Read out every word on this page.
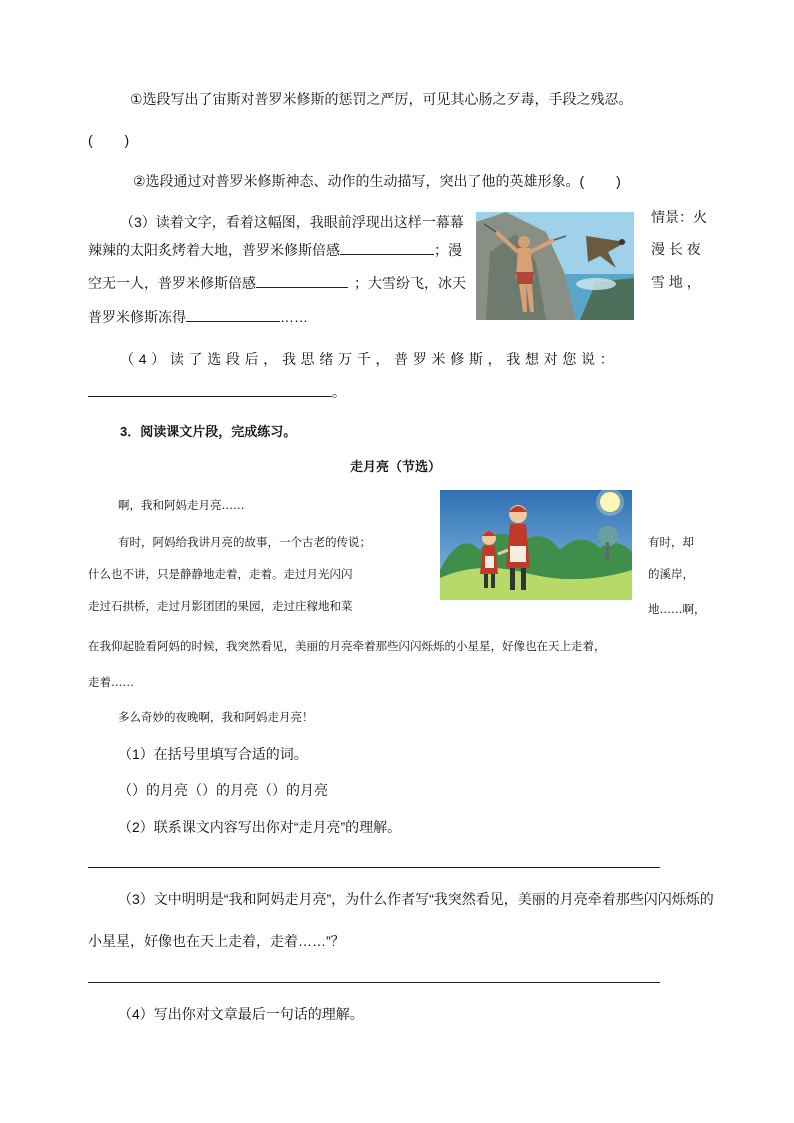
①选段写出了宙斯对普罗米修斯的惩罚之严厉，可见其心肠之歹毒，手段之残忍。
(　　 )
②选段通过对普罗米修斯神态、动作的生动描写，突出了他的英雄形象。(　　 )
（3）读着文字，看着这幅图，我眼前浮现出这样一幕幕
辣辣的太阳炙烤着大地，普罗米修斯倍感	；漫
空无一人，普罗米修斯倍感	；大雪纷飞，冰天
普罗米修斯冻得	……
情景：火
漫 长 夜
雪 地 ，
（ 4 ） 读 了 选 段 后 ， 我 思 绪 万 千 ， 普 罗 米 修 斯 ， 我 想 对 您 说 ：
。
3．阅读课文片段，完成练习。
走月亮（节选）
啊，我和阿妈走月亮……
有时，阿妈给我讲月亮的故事，一个古老的传说；
什么也不讲，只是静静地走着，走着。走过月光闪闪
走过石拱桥，走过月影团团的果园，走过庄稼地和菜
有时，却
的溪岸，
地……啊，
在我仰起脸看阿妈的时候，我突然看见，美丽的月亮牵着那些闪闪烁烁的小星星，好像也在天上走着，
走着……
多么奇妙的夜晚啊，我和阿妈走月亮！
（1）在括号里填写合适的词。
（）的月亮（）的月亮（）的月亮
（2）联系课文内容写出你对“走月亮”的理解。
（3）文中明明是“我和阿妈走月亮”，为什么作者写“我突然看见，美丽的月亮牵着那些闪闪烁烁的
小星星，好像也在天上走着，走着……”？
（4）写出你对文章最后一句话的理解。
